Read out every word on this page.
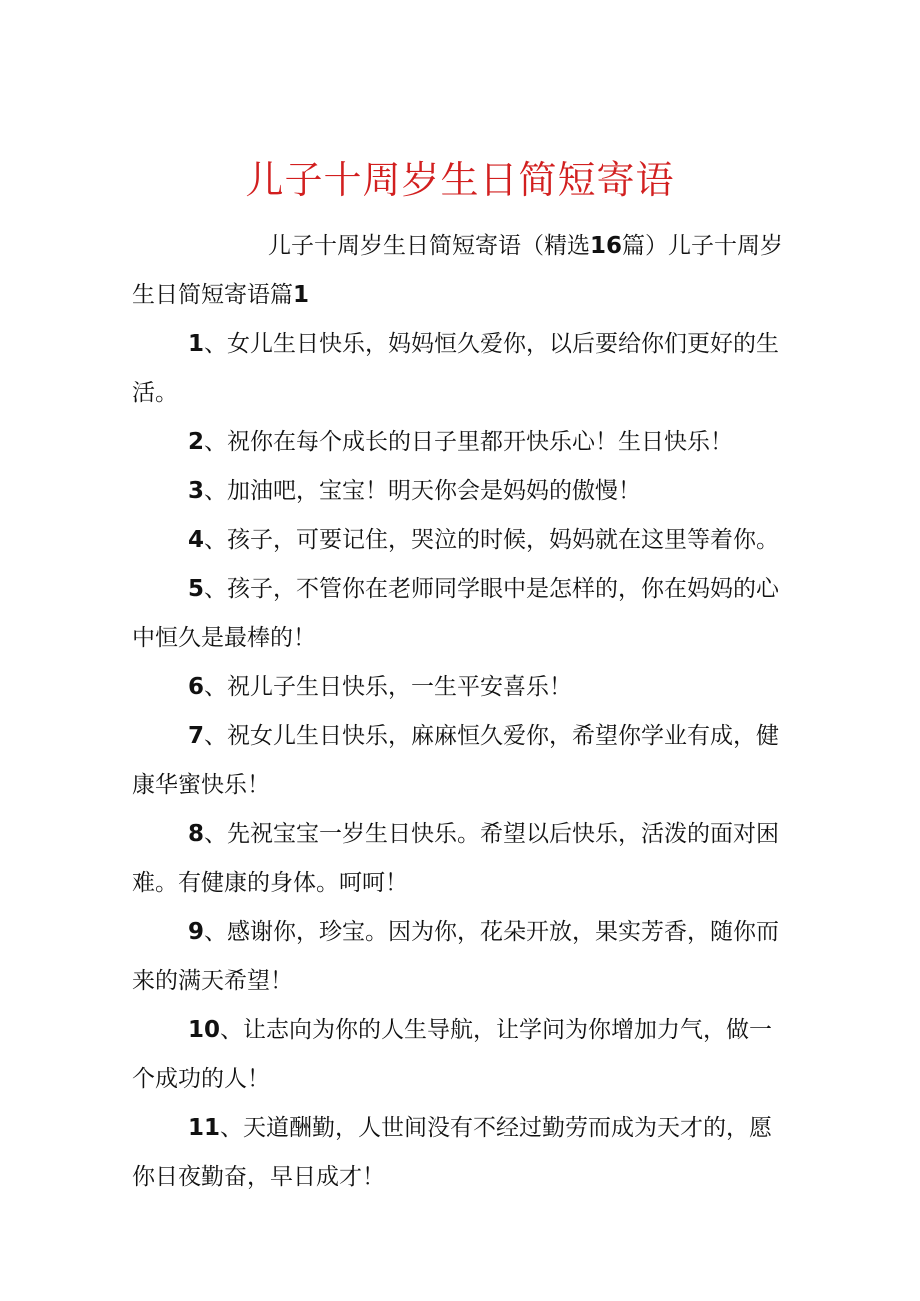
儿子十周岁生日简短寄语

儿子十周岁生日简短寄语（精选16篇）儿子十周岁生日简短寄语篇1

1、女儿生日快乐，妈妈恒久爱你，以后要给你们更好的生活。

2、祝你在每个成长的日子里都开快乐心！生日快乐！

3、加油吧，宝宝！明天你会是妈妈的傲慢！

4、孩子，可要记住，哭泣的时候，妈妈就在这里等着你。

5、孩子，不管你在老师同学眼中是怎样的，你在妈妈的心中恒久是最棒的！

6、祝儿子生日快乐，一生平安喜乐！

7、祝女儿生日快乐，麻麻恒久爱你，希望你学业有成，健康华蜜快乐！

8、先祝宝宝一岁生日快乐。希望以后快乐，活泼的面对困难。有健康的身体。呵呵！

9、感谢你，珍宝。因为你，花朵开放，果实芳香，随你而来的满天希望！

10、让志向为你的人生导航，让学问为你增加力气，做一个成功的人！

11、天道酬勤，人世间没有不经过勤劳而成为天才的，愿你日夜勤奋，早日成才！
